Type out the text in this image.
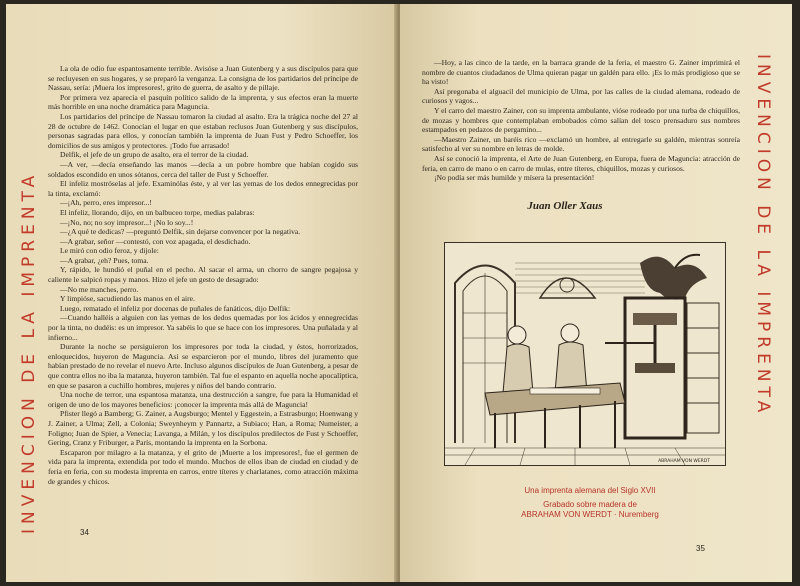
INVENCION DE LA IMPRENTA

La ola de odio fue espantosamente terrible. Avisóse a Juan Gutenberg y a sus discípulos para que se recluyesen en sus hogares, y se preparó la venganza. La consigna de los partidarios del príncipe de Nassau, sería: ¡Muera los impresores!, grito de guerra, de asalto y de pillaje.

Por primera vez aparecía el pasquín político salido de la imprenta, y sus efectos eran la muerte más horrible en una noche dramática para Maguncia.

Los partidarios del príncipe de Nassau tomaron la ciudad al asalto. Era la trágica noche del 27 al 28 de octubre de 1462. Conocían el lugar en que estaban reclusos Juan Gutenberg y sus discípulos, personas sagradas para ellos, y conocían también la imprenta de Juan Fust y Pedro Schoeffer, los domicilios de sus amigos y protectores. ¡Todo fue arrasado!

Delfik, el jefe de un grupo de asalto, era el terror de la ciudad.

—A ver, —decía enseñando las manos —decía a un pobre hombre que habían cogido sus soldados escondido en unos sótanos, cerca del taller de Fust y Schoeffer.

El infeliz mostróselas al jefe. Examinólas éste, y al ver las yemas de los dedos ennegrecidas por la tinta, exclamó:

—¡Ah, perro, eres impresor...!

El infeliz, llorando, dijo, en un balbuceo torpe, medias palabras:

—¡No, no; no soy impresor...! ¡No lo soy...!

—¿A qué te dedicas? —preguntó Delfik, sin dejarse convencer por la negativa.

—A grabar, señor —contestó, con voz apagada, el desdichado.

Le miró con odio feroz, y dijole:

—A grabar, ¿eh? Pues, toma.

Y, rápido, le hundió el puñal en el pecho. Al sacar el arma, un chorro de sangre pegajosa y caliente le salpicó ropas y manos. Hizo el jefe un gesto de desagrado:

—No me manches, perro.

Y limpióse, sacudiendo las manos en el aire.

Luego, rematado el infeliz por docenas de puñales de fanáticos, dijo Delfik:

—Cuando halléis a alguien con las yemas de los dedos quemadas por los ácidos y ennegrecidas por la tinta, no dudéis: es un impresor. Ya sabéis lo que se hace con los impresores. Una puñalada y al infierno...

Durante la noche se persiguieron los impresores por toda la ciudad, y éstos, horrorizados, enloquecidos, huyeron de Maguncia. Así se esparcieron por el mundo, libres del juramento que habían prestado de no revelar el nuevo Arte. Incluso algunos discípulos de Juan Gutenberg, a pesar de que contra ellos no iba la matanza, huyeron también. Tal fue el espanto en aquella noche apocalíptica, en que se pasaron a cuchillo hombres, mujeres y niños del bando contrario.

Una noche de terror, una espantosa matanza, una destrucción a sangre, fue para la Humanidad el origen de uno de los mayores beneficios: ¡conocer la imprenta más allá de Maguncia!

Pfister llegó a Bamberg; G. Zainer, a Augsburgo; Mentel y Eggestein, a Estrasburgo; Hoenwang y J. Zainer, a Ulma; Zell, a Colonia; Sweynheym y Pannartz, a Subiaco; Han, a Roma; Numeister, a Foligno; Juan de Spier, a Venecia; Lavanga, a Milán, y los discípulos predilectos de Fust y Schoeffer, Gering, Cranz y Friburger, a París, montando la imprenta en la Sorbona.

Escaparon por milagro a la matanza, y el grito de ¡Muerte a los impresores!, fue el germen de vida para la imprenta, extendida por todo el mundo. Muchos de ellos iban de ciudad en ciudad y de feria en feria, con su modesta imprenta en carros, entre títeres y charlatanes, como atracción máxima de grandes y chicos.

34

—Hoy, a las cinco de la tarde, en la barraca grande de la feria, el maestro G. Zainer imprimirá el nombre de cuantos ciudadanos de Ulma quieran pagar un galdén para ello. ¡Es lo más prodigioso que se ha visto!

Así pregonaba el alguacil del municipio de Ulma, por las calles de la ciudad alemana, rodeado de curiosos y vagos...

Y el carro del maestro Zainer, con su imprenta ambulante, vióse rodeado por una turba de chiquillos, de mozas y hombres que contemplaban embobados cómo salían del tosco prensaduro sus nombres estampados en pedazos de pergamino...

—Maestro Zainer, un baréis rico —exclamó un hombre, al entregarle su galdén, mientras sonreía satisfecho al ver su nombre en letras de molde.

Así se conoció la imprenta, el Arte de Juan Gutenberg, en Europa, fuera de Maguncia: atracción de feria, en carro de mano o en carro de mulas, entre títeres, chiquillos, mozas y curiosos.

¡No podía ser más humilde y mísera la presentación!

Juan Oller Xaus
ABRAHAM VON WERDT
Una imprenta alemana del Siglo XVII
Grabado sobre madera de
ABRAHAM VON WERDT · Nuremberg
INVENCION DE LA IMPRENTA
35
